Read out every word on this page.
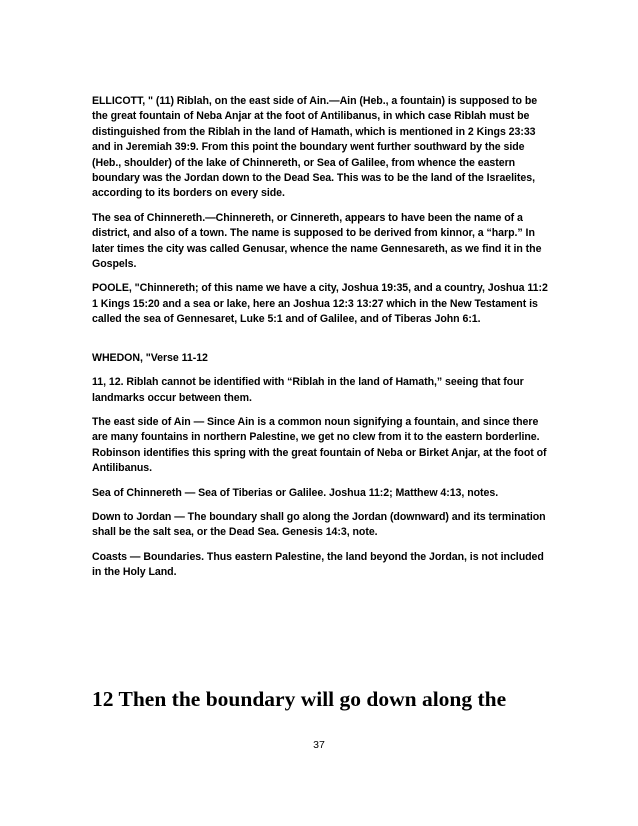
ELLICOTT, " (11) Riblah, on the east side of Ain.—Ain (Heb., a fountain) is supposed to be the great fountain of Neba Anjar at the foot of Antilibanus, in which case Riblah must be distinguished from the Riblah in the land of Hamath, which is mentioned in 2 Kings 23:33 and in Jeremiah 39:9. From this point the boundary went further southward by the side (Heb., shoulder) of the lake of Chinnereth, or Sea of Galilee, from whence the eastern boundary was the Jordan down to the Dead Sea. This was to be the land of the Israelites, according to its borders on every side.

The sea of Chinnereth.—Chinnereth, or Cinnereth, appears to have been the name of a district, and also of a town. The name is supposed to be derived from kinnor, a “harp.” In later times the city was called Genusar, whence the name Gennesareth, as we find it in the Gospels.

POOLE, "Chinnereth; of this name we have a city, Joshua 19:35, and a country, Joshua 11:2 1 Kings 15:20 and a sea or lake, here an Joshua 12:3 13:27 which in the New Testament is called the sea of Gennesaret, Luke 5:1 and of Galilee, and of Tiberas John 6:1.

WHEDON, "Verse 11-12

11, 12. Riblah cannot be identified with “Riblah in the land of Hamath,” seeing that four landmarks occur between them.

The east side of Ain — Since Ain is a common noun signifying a fountain, and since there are many fountains in northern Palestine, we get no clew from it to the eastern borderline. Robinson identifies this spring with the great fountain of Neba or Birket Anjar, at the foot of Antilibanus.

Sea of Chinnereth — Sea of Tiberias or Galilee. Joshua 11:2; Matthew 4:13, notes.

Down to Jordan — The boundary shall go along the Jordan (downward) and its termination shall be the salt sea, or the Dead Sea. Genesis 14:3, note.

Coasts — Boundaries. Thus eastern Palestine, the land beyond the Jordan, is not included in the Holy Land.

12 Then the boundary will go down along the
37
